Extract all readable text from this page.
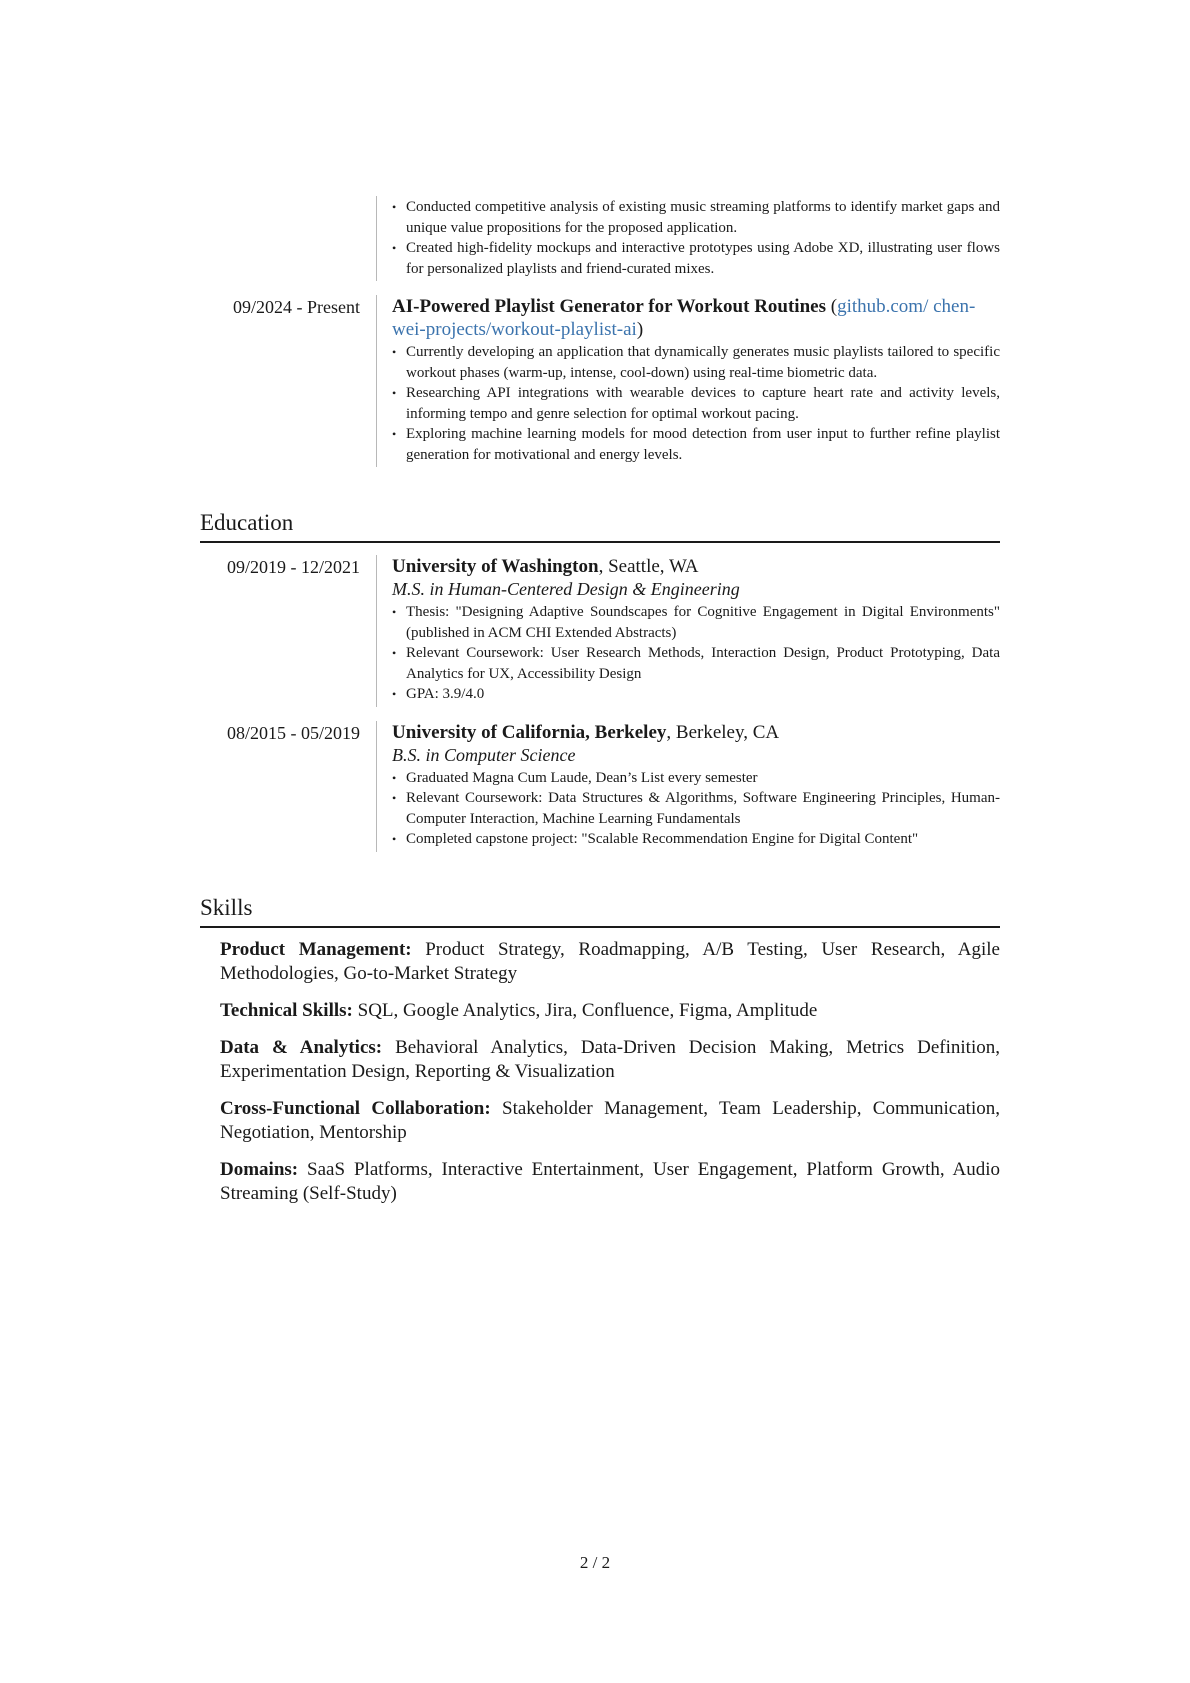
• Conducted competitive analysis of existing music streaming platforms to identify market gaps and unique value propositions for the proposed application.
• Created high-fidelity mockups and interactive prototypes using Adobe XD, illustrating user flows for personalized playlists and friend-curated mixes.
09/2024 - Present	AI-Powered Playlist Generator for Workout Routines (github.com/ chen-wei-projects/workout-playlist-ai)
• Currently developing an application that dynamically generates music playlists tailored to specific workout phases (warm-up, intense, cool-down) using real-time biometric data.
• Researching API integrations with wearable devices to capture heart rate and activity levels, informing tempo and genre selection for optimal workout pacing.
• Exploring machine learning models for mood detection from user input to further refine playlist generation for motivational and energy levels.
Education
09/2019 - 12/2021	University of Washington, Seattle, WA
M.S. in Human-Centered Design & Engineering
• Thesis: "Designing Adaptive Soundscapes for Cognitive Engagement in Digital Environments" (published in ACM CHI Extended Abstracts)
• Relevant Coursework: User Research Methods, Interaction Design, Product Prototyping, Data Analytics for UX, Accessibility Design
• GPA: 3.9/4.0
08/2015 - 05/2019	University of California, Berkeley, Berkeley, CA
B.S. in Computer Science
• Graduated Magna Cum Laude, Dean’s List every semester
• Relevant Coursework: Data Structures & Algorithms, Software Engineering Principles, Human-Computer Interaction, Machine Learning Fundamentals
• Completed capstone project: "Scalable Recommendation Engine for Digital Content"
Skills
Product Management: Product Strategy, Roadmapping, A/B Testing, User Research, Agile Methodologies, Go-to-Market Strategy
Technical Skills: SQL, Google Analytics, Jira, Confluence, Figma, Amplitude
Data & Analytics: Behavioral Analytics, Data-Driven Decision Making, Metrics Definition, Experimentation Design, Reporting & Visualization
Cross-Functional Collaboration: Stakeholder Management, Team Leadership, Communication, Negotiation, Mentorship
Domains: SaaS Platforms, Interactive Entertainment, User Engagement, Platform Growth, Audio Streaming (Self-Study)
2 / 2
